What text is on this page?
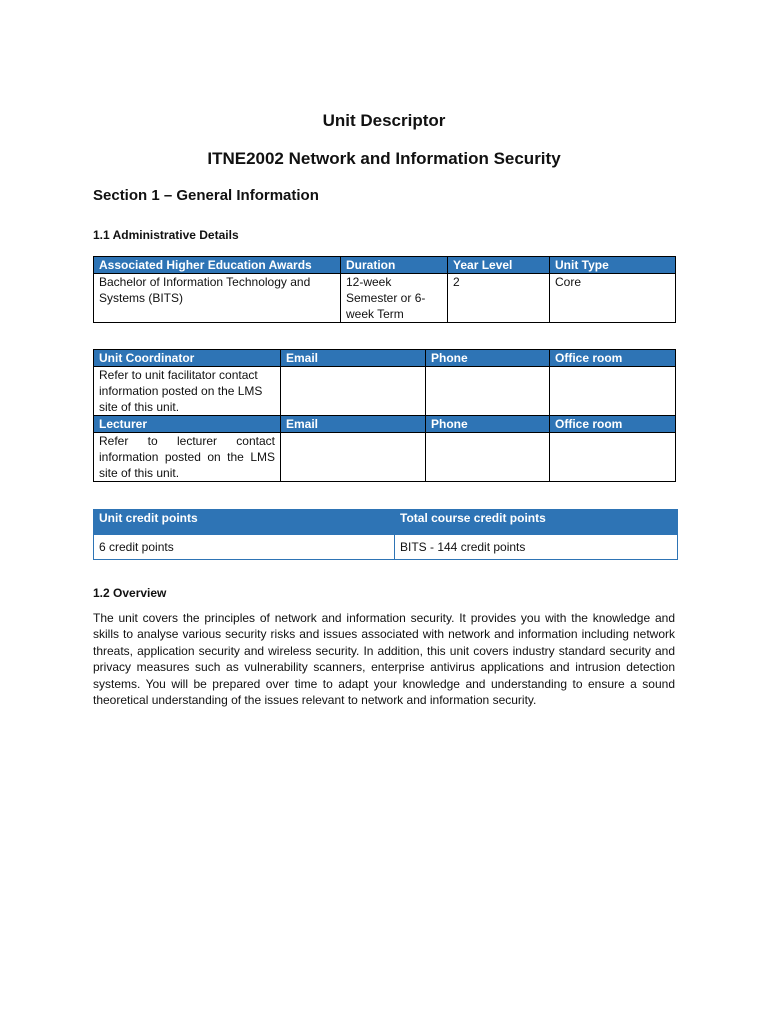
Unit Descriptor
ITNE2002 Network and Information Security
Section 1 – General Information
1.1 Administrative Details
Associated Higher Education Awards	Duration	Year Level	Unit Type
Bachelor of Information Technology and Systems (BITS)	12-week Semester or 6-week Term	2	Core
Unit Coordinator	Email	Phone	Office room
Refer to unit facilitator contact information posted on the LMS site of this unit.			
Lecturer	Email	Phone	Office room
Refer to lecturer contact information posted on the LMS site of this unit.			
Unit credit points	Total course credit points
6 credit points	BITS - 144 credit points
1.2 Overview

The unit covers the principles of network and information security. It provides you with the knowledge and skills to analyse various security risks and issues associated with network and information including network threats, application security and wireless security. In addition, this unit covers industry standard security and privacy measures such as vulnerability scanners, enterprise antivirus applications and intrusion detection systems. You will be prepared over time to adapt your knowledge and understanding to ensure a sound theoretical understanding of the issues relevant to network and information security.
